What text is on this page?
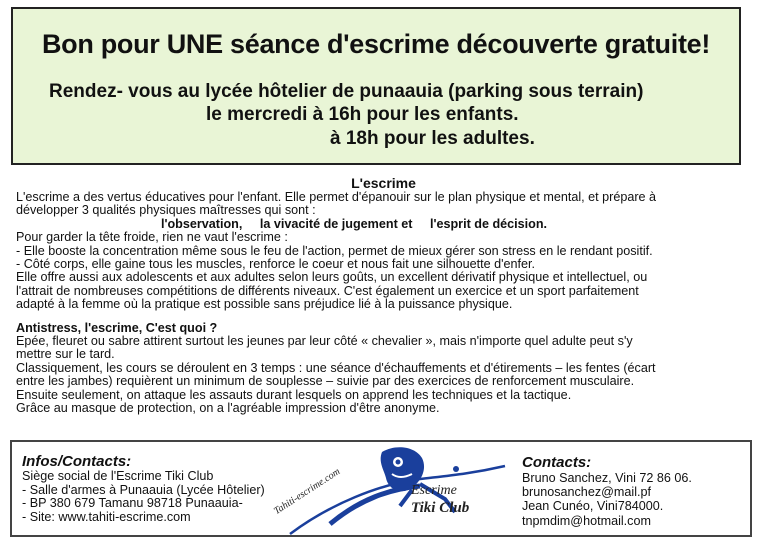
Bon pour UNE séance d'escrime découverte gratuite!
Rendez- vous au lycée hôtelier de punaauia (parking sous terrain)
le mercredi à 16h pour les enfants.
à 18h pour les adultes.

L'escrime

L'escrime a des vertus éducatives pour l'enfant. Elle permet d'épanouir sur le plan physique et mental, et prépare à

développer 3 qualités physiques maîtresses qui sont :

l'observation, la vivacité de jugement et l'esprit de décision.

Pour garder la tête froide, rien ne vaut l'escrime :

- Elle booste la concentration même sous le feu de l'action, permet de mieux gérer son stress en le rendant positif.

- Côté corps, elle gaine tous les muscles, renforce le coeur et nous fait une silhouette d'enfer.

Elle offre aussi aux adolescents et aux adultes selon leurs goûts, un excellent dérivatif physique et intellectuel, ou

l'attrait de nombreuses compétitions de différents niveaux. C'est également un exercice et un sport parfaitement

adapté à la femme où la pratique est possible sans préjudice lié à la puissance physique.

Antistress, l'escrime, C'est quoi ?

Epée, fleuret ou sabre attirent surtout les jeunes par leur côté « chevalier », mais n'importe quel adulte peut s'y

mettre sur le tard.

Classiquement, les cours se déroulent en 3 temps : une séance d'échauffements et d'étirements – les fentes (écart

entre les jambes) requièrent un minimum de souplesse – suivie par des exercices de renforcement musculaire.

Ensuite seulement, on attaque les assauts durant lesquels on apprend les techniques et la tactique.

Grâce au masque de protection, on a l'agréable impression d'être anonyme.

Infos/Contacts:

Siège social de l'Escrime Tiki Club

- Salle d'armes à Punaauia (Lycée Hôtelier)

- BP 380 679 Tamanu 98718 Punaauia-

- Site: www.tahiti-escrime.com

Contacts:

Bruno Sanchez, Vini 72 86 06.

brunosanchez@mail.pf

Jean Cunéo, Vini784000.

tnpmdim@hotmail.com

Escrime
Tiki Club
Tahiti-escrime.com
